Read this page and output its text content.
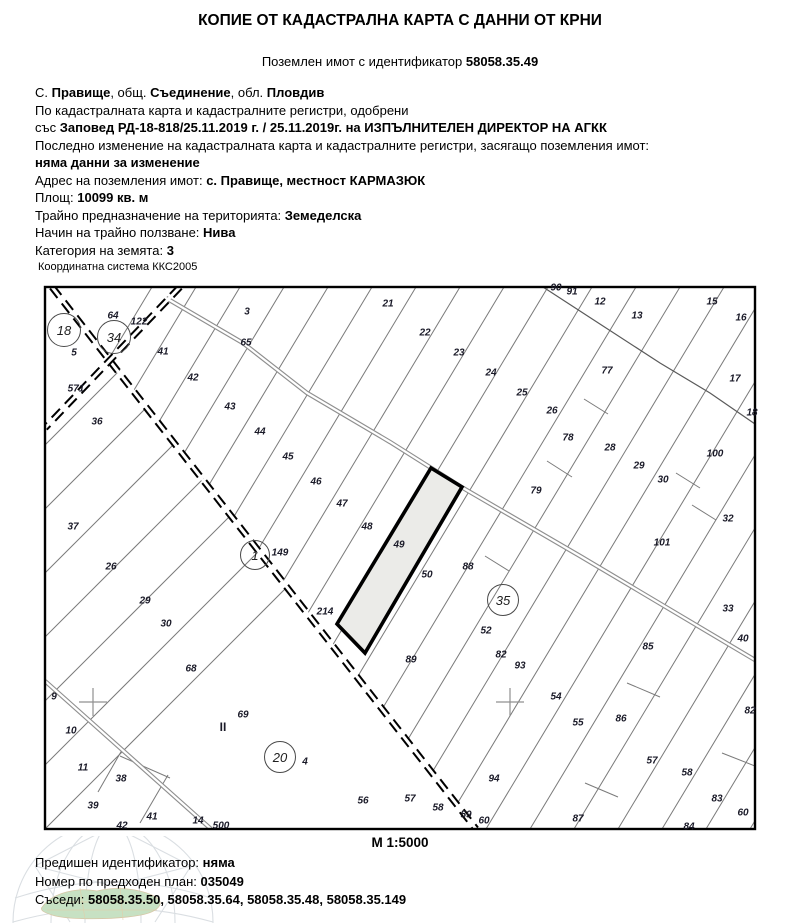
КОПИЕ ОТ КАДАСТРАЛНА КАРТА С ДАННИ ОТ КРНИ
Поземлен имот с идентификатор 58058.35.49
С. Правище, общ. Съединение, обл. Пловдив
По кадастралната карта и кадастралните регистри, одобрени
със Заповед РД-18-818/25.11.2019 г. / 25.11.2019г. на ИЗПЪЛНИТЕЛЕН ДИРЕКТОР НА АГКК
Последно изменение на кадастралната карта и кадастралните регистри, засягащо поземления имот:
няма данни за изменение
Адрес на поземления имот: с. Правище, местност КАРМАЗЮК
Площ: 10099 кв. м
Трайно предназначение на територията: Земеделска
Начин на трайно ползване: Нива
Категория на земята: 3
Координатна система ККС2005
64
122
5
571
36
37
26
29
30
68
69
9
10
11
38
39
42
41	14 500
4
56	57
58
59
60
214
149
41
42
43
44
45
46
47
48
49
50
88
3
65
21
22
23
24
25
26
77
78
79
28
29
30
90 91
12
13
15
16
17
18
100
32
101
33
40
52
89	82
93
54
55	86
85
57
58
82
83
60
84
87
94
18	34
1
35
20
II
М 1:5000
Предишен идентификатор: няма
Номер по предходен план: 035049
Съседи: 58058.35.50, 58058.35.64, 58058.35.48, 58058.35.149
